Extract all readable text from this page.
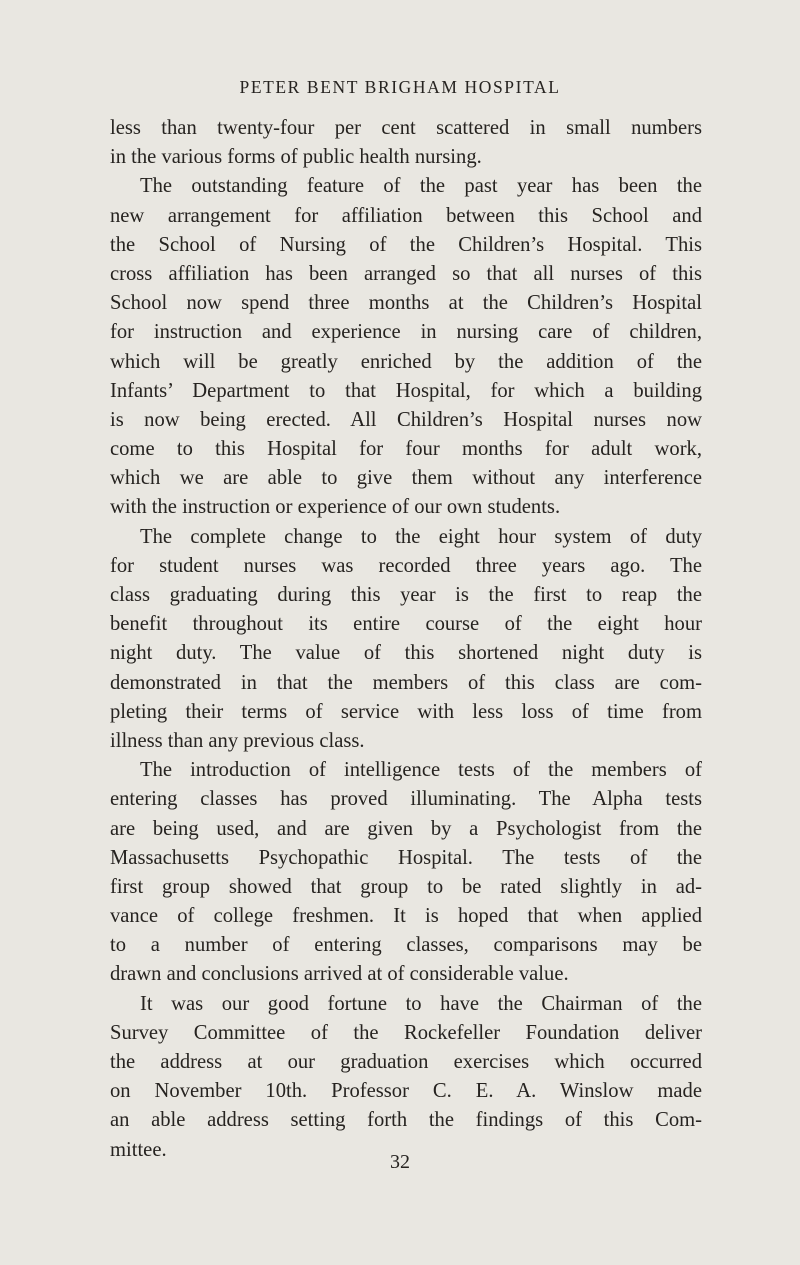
PETER BENT BRIGHAM HOSPITAL
less than twenty-four per cent scattered in small numbers
in the various forms of public health nursing.
The outstanding feature of the past year has been the
new arrangement for affiliation between this School and
the School of Nursing of the Children’s Hospital. This
cross affiliation has been arranged so that all nurses of this
School now spend three months at the Children’s Hospital
for instruction and experience in nursing care of children,
which will be greatly enriched by the addition of the
Infants’ Department to that Hospital, for which a building
is now being erected. All Children’s Hospital nurses now
come to this Hospital for four months for adult work,
which we are able to give them without any interference
with the instruction or experience of our own students.
The complete change to the eight hour system of duty
for student nurses was recorded three years ago. The
class graduating during this year is the first to reap the
benefit throughout its entire course of the eight hour
night duty. The value of this shortened night duty is
demonstrated in that the members of this class are com-
pleting their terms of service with less loss of time from
illness than any previous class.
The introduction of intelligence tests of the members of
entering classes has proved illuminating. The Alpha tests
are being used, and are given by a Psychologist from the
Massachusetts Psychopathic Hospital. The tests of the
first group showed that group to be rated slightly in ad-
vance of college freshmen. It is hoped that when applied
to a number of entering classes, comparisons may be
drawn and conclusions arrived at of considerable value.
It was our good fortune to have the Chairman of the
Survey Committee of the Rockefeller Foundation deliver
the address at our graduation exercises which occurred
on November 10th. Professor C. E. A. Winslow made
an able address setting forth the findings of this Com-
mittee.
32
